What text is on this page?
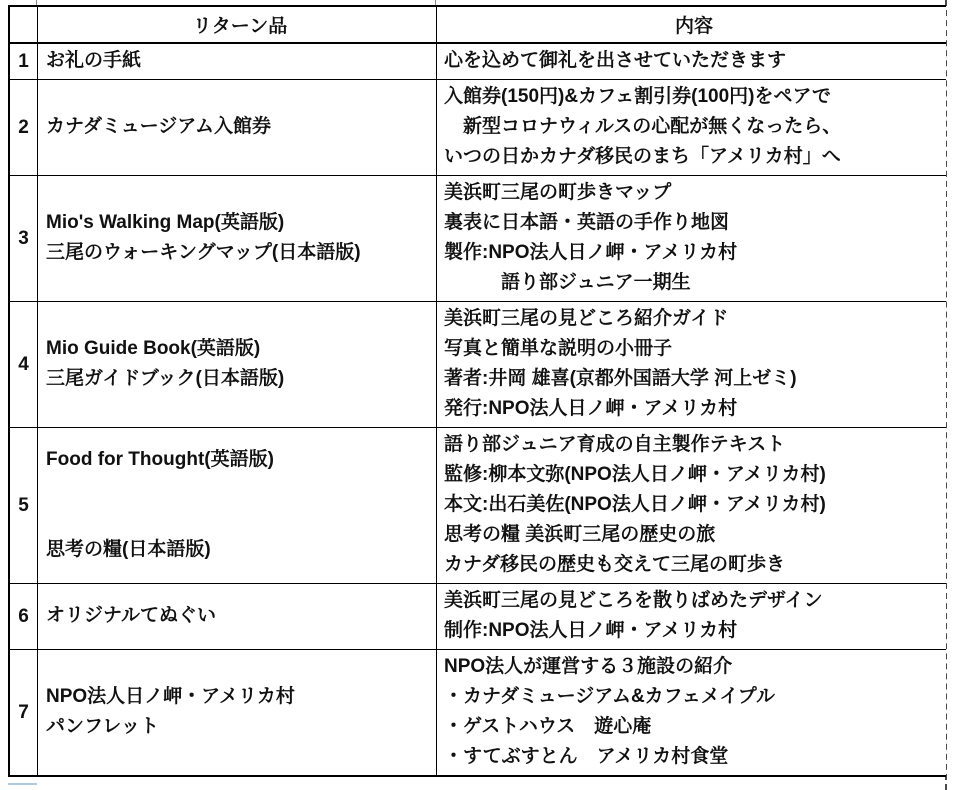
リターン品	内容
1 お礼の手紙	心を込めて御礼を出させていただきます
2 カナダミュージアム入館券
入館券(150円)&カフェ割引券(100円)をペアで
　新型コロナウィルスの心配が無くなったら、
いつの日かカナダ移民のまち「アメリカ村」へ
3
Mio's Walking Map(英語版)
三尾のウォーキングマップ(日本語版)
美浜町三尾の町歩きマップ
裏表に日本語・英語の手作り地図
製作:NPO法人日ノ岬・アメリカ村
　　　語り部ジュニア一期生
4
Mio Guide Book(英語版)
三尾ガイドブック(日本語版)
美浜町三尾の見どころ紹介ガイド
写真と簡単な説明の小冊子
著者:井岡 雄喜(京都外国語大学 河上ゼミ)
発行:NPO法人日ノ岬・アメリカ村
5
Food for Thought(英語版)

思考の糧(日本語版)
語り部ジュニア育成の自主製作テキスト
監修:柳本文弥(NPO法人日ノ岬・アメリカ村)
本文:出石美佐(NPO法人日ノ岬・アメリカ村)
思考の糧 美浜町三尾の歴史の旅
カナダ移民の歴史も交えて三尾の町歩き
6 オリジナルてぬぐい
美浜町三尾の見どころを散りばめたデザイン
制作:NPO法人日ノ岬・アメリカ村
7
NPO法人日ノ岬・アメリカ村
パンフレット
NPO法人が運営する３施設の紹介
・カナダミュージアム&カフェメイプル
・ゲストハウス　遊心庵
・すてぶすとん　アメリカ村食堂
